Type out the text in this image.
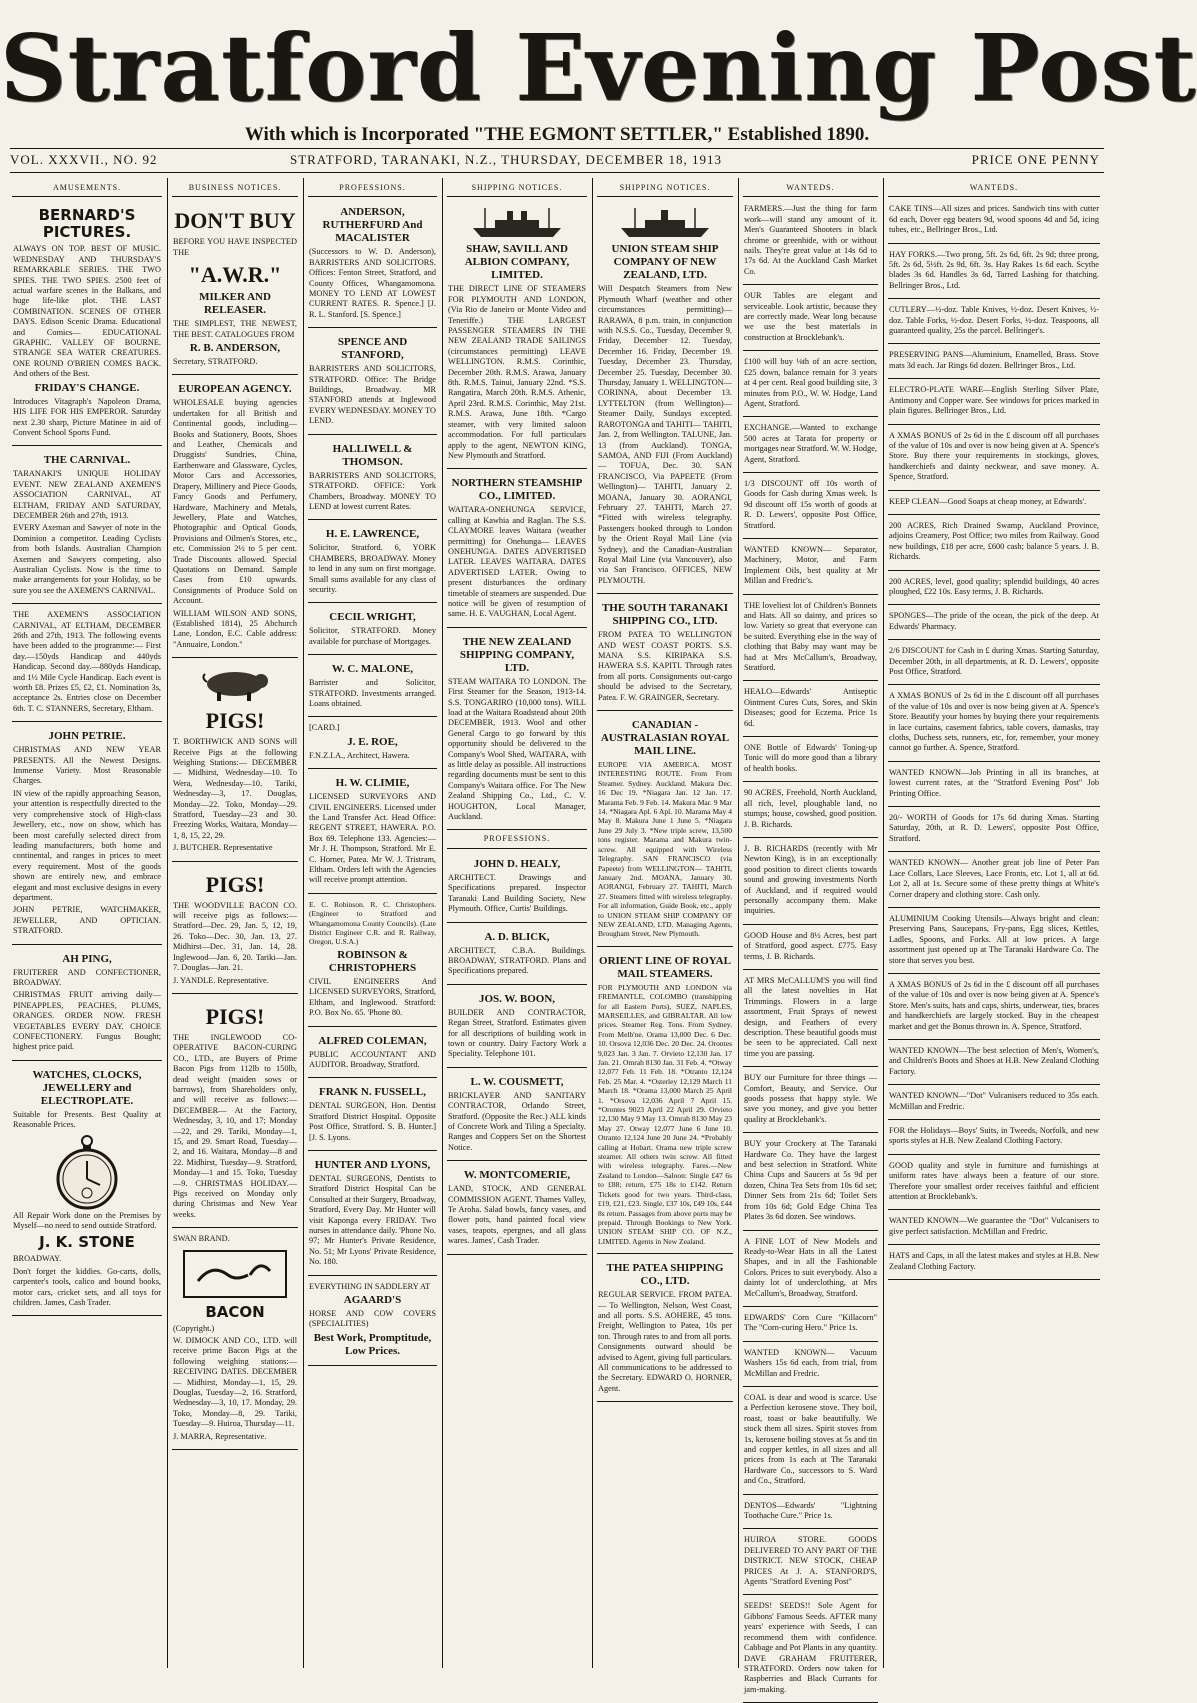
Stratford Evening Post
With which is Incorporated "THE EGMONT SETTLER," Established 1890.
VOL. XXXVII., NO. 92	STRATFORD, TARANAKI, N.Z., THURSDAY, DECEMBER 18, 1913	PRICE ONE PENNY
AMUSEMENTS.
BERNARD'S PICTURES.

ALWAYS ON TOP. BEST OF MUSIC. WEDNESDAY AND THURSDAY'S REMARKABLE SERIES. THE TWO SPIES. THE TWO SPIES. 2500 feet of actual warfare scenes in the Balkans, and huge life-like plot. THE LAST COMBINATION. SCENES OF OTHER DAYS. Edison Scenic Drama. Educational and Comics— EDUCATIONAL GRAPHIC. VALLEY OF BOURNE. STRANGE SEA WATER CREATURES. ONE ROUND O'BRIEN COMES BACK. And others of the Best.

FRIDAY'S CHANGE.

Introduces Vitagraph's Napoleon Drama, HIS LIFE FOR HIS EMPEROR. Saturday next 2.30 sharp, Picture Matinee in aid of Convent School Sports Fund.

THE CARNIVAL.

TARANAKI'S UNIQUE HOLIDAY EVENT. NEW ZEALAND AXEMEN'S ASSOCIATION CARNIVAL, AT ELTHAM, FRIDAY AND SATURDAY, DECEMBER 26th and 27th, 1913.

EVERY Axeman and Sawyer of note in the Dominion a competitor. Leading Cyclists from both Islands. Australian Champion Axemen and Sawyers competing, also Australian Cyclists. Now is the time to make arrangements for your Holiday, so be sure you see the AXEMEN'S CARNIVAL.

THE AXEMEN'S ASSOCIATION CARNIVAL, AT ELTHAM, DECEMBER 26th and 27th, 1913. The following events have been added to the programme:— First day.—150yds Handicap and 440yds Handicap. Second day.—880yds Handicap, and 1½ Mile Cycle Handicap. Each event is worth £8. Prizes £5, £2, £1. Nomination 3s, acceptance 2s. Entries close on December 6th. T. C. STANNERS, Secretary, Eltham.

JOHN PETRIE.

CHRISTMAS AND NEW YEAR PRESENTS. All the Newest Designs. Immense Variety. Most Reasonable Charges.

IN view of the rapidly approaching Season, your attention is respectfully directed to the very comprehensive stock of High-class Jewellery, etc., now on show, which has been most carefully selected direct from leading manufacturers, both home and continental, and ranges in prices to meet every requirement. Most of the goods shown are entirely new, and embrace elegant and most exclusive designs in every department.

JOHN PETRIE, WATCHMAKER, JEWELLER, AND OPTICIAN. STRATFORD.

AH PING,

FRUITERER AND CONFECTIONER, BROADWAY.

CHRISTMAS FRUIT arriving daily— PINEAPPLES, PEACHES, PLUMS, ORANGES. ORDER NOW. FRESH VEGETABLES EVERY DAY. CHOICE CONFECTIONERY. Fungus Bought; highest price paid.

WATCHES, CLOCKS, JEWELLERY and ELECTROPLATE.

Suitable for Presents. Best Quality at Reasonable Prices.

All Repair Work done on the Premises by Myself—no need to send outside Stratford.

J. K. STONE

BROADWAY.

Don't forget the kiddies. Go-carts, dolls, carpenter's tools, calico and bound books, motor cars, cricket sets, and all toys for children. James, Cash Trader.

BUSINESS NOTICES.
DON'T BUY

BEFORE YOU HAVE INSPECTED THE

"A.W.R."
MILKER AND RELEASER.

THE SIMPLEST, THE NEWEST, THE BEST. CATALOGUES FROM

R. B. ANDERSON,

Secretary, STRATFORD.

EUROPEAN AGENCY.

WHOLESALE buying agencies undertaken for all British and Continental goods, including— Books and Stationery, Boots, Shoes and Leather, Chemicals and Druggists' Sundries, China, Earthenware and Glassware, Cycles, Motor Cars and Accessories, Drapery, Millinery and Piece Goods, Fancy Goods and Perfumery, Hardware, Machinery and Metals, Jewellery, Plate and Watches, Photographic and Optical Goods, Provisions and Oilmen's Stores, etc., etc. Commission 2½ to 5 per cent. Trade Discounts allowed. Special Quotations on Demand. Sample Cases from £10 upwards. Consignments of Produce Sold on Account.

WILLIAM WILSON AND SONS, (Established 1814), 25 Abchurch Lane, London, E.C. Cable address: "Annuaire, London."

PIGS!

T. BORTHWICK AND SONS will Receive Pigs at the following Weighing Stations:— DECEMBER— Midhirst, Wednesday—10. To Wera, Wednesday—10. Tariki, Wednesday—3, 17. Douglas, Monday—22. Toko, Monday—29. Stratford, Tuesday—23 and 30. Freezing Works, Waitara, Monday—1, 8, 15, 22, 29.

J. BUTCHER. Representative

PIGS!

THE WOODVILLE BACON CO. will receive pigs as follows:— Stratford—Dec. 29, Jan. 5, 12, 19, 26. Toko—Dec. 30, Jan. 13, 27. Midhirst—Dec. 31, Jan. 14, 28. Inglewood—Jan. 6, 20. Tariki—Jan. 7. Douglas—Jan. 21.

J. YANDLE. Representative.

PIGS!

THE INGLEWOOD CO-OPERATIVE BACON-CURING CO., LTD., are Buyers of Prime Bacon Pigs from 112lb to 150lb, dead weight (maiden sows or barrows), from Shareholders only, and will receive as follows:— DECEMBER— At the Factory, Wednesday, 3, 10, and 17; Monday—22, and 29. Tariki, Monday—1, 15, and 29. Smart Road, Tuesday—2, and 16. Waitara, Monday—8 and 22. Midhirst, Tuesday—9. Stratford, Monday—1 and 15. Toko, Tuesday—9. CHRISTMAS HOLIDAY.—Pigs received on Monday only during Christmas and New Year weeks.

SWAN BRAND.

BACON

(Copyright.)

W. DIMOCK AND CO., LTD. will receive prime Bacon Pigs at the following weighing stations:— RECEIVING DATES. DECEMBER— Midhirst, Monday—1, 15, 29. Douglas, Tuesday—2, 16. Stratford, Wednesday—3, 10, 17. Monday, 29. Toko, Monday—8, 29. Tariki, Tuesday—9. Huiroa, Thursday—11.

J. MARRA, Representative.

PROFESSIONS.
ANDERSON, RUTHERFURD And MACALISTER

(Successors to W. D. Anderson), BARRISTERS AND SOLICITORS. Offices: Fenton Street, Stratford, and County Offices, Whangamomona. MONEY TO LEND AT LOWEST CURRENT RATES. R. Spence.] [J. R. L. Stanford. [S. Spence.]

SPENCE AND STANFORD,

BARRISTERS AND SOLICITORS, STRATFORD. Office: The Bridge Buildings, Broadway. MR STANFORD attends at Inglewood EVERY WEDNESDAY. MONEY TO LEND.

HALLIWELL & THOMSON.

BARRISTERS AND SOLICITORS, STRATFORD. OFFICE: York Chambers, Broadway. MONEY TO LEND at lowest current Rates.

H. E. LAWRENCE,

Solicitor, Stratford. 6, YORK CHAMBERS, BROADWAY. Money to lend in any sum on first mortgage. Small sums available for any class of security.

CECIL WRIGHT,

Solicitor, STRATFORD. Money available for purchase of Mortgages.

W. C. MALONE,

Barrister and Solicitor, STRATFORD. Investments arranged. Loans obtained.

[CARD.]

J. E. ROE,

F.N.Z.I.A., Architect, Hawera.

H. W. CLIMIE,

LICENSED SURVEYORS AND CIVIL ENGINEERS. Licensed under the Land Transfer Act. Head Office: REGENT STREET, HAWERA. P.O. Box 69. Telephone 133. Agencies:— Mr J. H. Thompson, Stratford. Mr E. C. Horner, Patea. Mr W. J. Tristram, Eltham. Orders left with the Agencies will receive prompt attention.

E. C. Robinson. R. C. Christophers. (Engineer to Stratford and Whangamomona County Councils). (Late District Engineer C.R. and R. Railway, Oregon, U.S.A.)

ROBINSON & CHRISTOPHERS

CIVIL ENGINEERS And LICENSED SURVEYORS, Stratford, Eltham, and Inglewood. Stratford: P.O. Box No. 65. 'Phone 80.

ALFRED COLEMAN,

PUBLIC ACCOUNTANT AND AUDITOR. Broadway, Stratford.

FRANK N. FUSSELL,

DENTAL SURGEON, Hon. Dentist Stratford District Hospital. Opposite Post Office, Stratford. S. B. Hunter.] [J. S. Lyons.

HUNTER AND LYONS,

DENTAL SURGEONS, Dentists to Stratford District Hospital Can be Consulted at their Surgery, Broadway, Stratford, Every Day. Mr Hunter will visit Kaponga every FRIDAY. Two nurses in attendance daily. 'Phone No. 97; Mr Hunter's Private Residence, No. 51; Mr Lyons' Private Residence, No. 180.

EVERYTHING IN SADDLERY AT

AGAARD'S

HORSE AND COW COVERS (SPECIALITIES)

Best Work, Promptitude, Low Prices.
SHIPPING NOTICES.
SHAW, SAVILL AND ALBION COMPANY, LIMITED.

THE DIRECT LINE OF STEAMERS FOR PLYMOUTH AND LONDON, (Via Rio de Janeiro or Monte Video and Teneriffe.) THE LARGEST PASSENGER STEAMERS IN THE NEW ZEALAND TRADE SAILINGS (circumstances permitting) LEAVE WELLINGTON. R.M.S. Corinthic, December 20th. R.M.S. Arawa, January 8th. R.M.S. Tainui, January 22nd. *S.S. Rangatira, March 20th. R.M.S. Athenic, April 23rd. R.M.S. Corinthic, May 21st. R.M.S. Arawa, June 18th. *Cargo steamer, with very limited saloon accommodation. For full particulars apply to the agent, NEWTON KING, New Plymouth and Stratford.

NORTHERN STEAMSHIP CO., LIMITED.

WAITARA-ONEHUNGA SERVICE, calling at Kawhia and Raglan. The S.S. CLAYMORE leaves Waitara (weather permitting) for Onehunga— LEAVES ONEHUNGA. DATES ADVERTISED LATER. LEAVES WAITARA. DATES ADVERTISED LATER. Owing to present disturbances the ordinary timetable of steamers are suspended. Due notice will be given of resumption of same. H. E. VAUGHAN, Local Agent.

THE NEW ZEALAND SHIPPING COMPANY, LTD.

STEAM WAITARA TO LONDON. The First Steamer for the Season, 1913-14. S.S. TONGARIRO (10,000 tons). WILL load at the Waitara Roadstead about 20th DECEMBER, 1913. Wool and other General Cargo to go forward by this opportunity should be delivered to the Company's Wool Shed, WAITARA, with as little delay as possible. All instructions regarding documents must be sent to this Company's Waitara office. For The New Zealand Shipping Co., Ltd., C. V. HOUGHTON, Local Manager, Auckland.

PROFESSIONS.
JOHN D. HEALY,

ARCHITECT. Drawings and Specifications prepared. Inspector Taranaki Land Building Society, New Plymouth. Office, Curtis' Buildings.

A. D. BLICK,

ARCHITECT, C.B.A. Buildings. BROADWAY, STRATFORD. Plans and Specifications prepared.

JOS. W. BOON,

BUILDER AND CONTRACTOR, Regan Street, Stratford. Estimates given for all descriptions of building work in town or country. Dairy Factory Work a Speciality. Telephone 101.

L. W. COUSMETT,

BRICKLAYER AND SANITARY CONTRACTOR, Orlando Street, Stratford. (Opposite the Rec.) ALL kinds of Concrete Work and Tiling a Specialty. Ranges and Coppers Set on the Shortest Notice.

W. MONTCOMERIE,

LAND, STOCK, AND GENERAL COMMISSION AGENT. Thames Valley, Te Aroha. Salad bowls, fancy vases, and flower pots, hand painted focal view vases, teapots, epergnes, and all glass wares. James', Cash Trader.

SHIPPING NOTICES.
UNION STEAM SHIP COMPANY OF NEW ZEALAND, LTD.

Will Despatch Steamers from New Plymouth Wharf (weather and other circumstances permitting)— RARAWA, 8 p.m. train, in conjunction with N.S.S. Co., Tuesday, December 9. Friday, December 12. Tuesday, December 16. Friday, December 19. Tuesday, December 23. Thursday, December 25. Tuesday, December 30. Thursday, January 1. WELLINGTON— CORINNA, about December 13. LYTTELTON (from Wellington)—Steamer Daily, Sundays excepted. RAROTONGA and TAHITI— TAHITI, Jan. 2, from Wellington. TALUNE, Jan. 13 (from Auckland). TONGA, SAMOA, AND FIJI (From Auckland)— TOFUA, Dec. 30. SAN FRANCISCO, Via PAPEETE (From Wellington)— TAHITI, January 2. MOANA, January 30. AORANGI, February 27. TAHITI, March 27. *Fitted with wireless telegraphy. Passengers booked through to London by the Orient Royal Mail Line (via Sydney), and the Canadian-Australian Royal Mail Line (via Vancouver), also via San Francisco. OFFICES, NEW PLYMOUTH.

THE SOUTH TARANAKI SHIPPING CO., LTD.

FROM PATEA TO WELLINGTON AND WEST COAST PORTS. S.S. MANA S.S. KIRIPAKA S.S. HAWERA S.S. KAPITI. Through rates from all ports. Consignments out-cargo should be advised to the Secretary, Patea. F. W. GRAINGER, Secretary.

CANADIAN - AUSTRALASIAN ROYAL MAIL LINE.

EUROPE VIA AMERICA. MOST INTERESTING ROUTE. From From Steamer. Sydney. Auckland. Makura Dec. 16 Dec 19. *Niagara Jan. 12 Jan. 17. Marama Feb. 9 Feb. 14. Makura Mar. 9 Mar 14. *Niagara Apl. 6 Apl. 10. Marama May 4 May 8. Makura June 1 June 5. *Niagara June 29 July 3. *New triple screw, 13,500 tons register. Marama and Makura twin-screw. All equipped with Wireless Telegraphy. SAN FRANCISCO (via Papeete) from WELLINGTON— TAHITI, January 2nd. MOANA, January 30. AORANGI, February 27. TAHITI, March 27. Steamers fitted with wireless telegraphy. For all information, Guide Book, etc., apply to UNION STEAM SHIP COMPANY OF NEW ZEALAND, LTD. Managing Agents, Brougham Street, New Plymouth.

ORIENT LINE OF ROYAL MAIL STEAMERS.

FOR PLYMOUTH AND LONDON via FREMANTLE, COLOMBO (transhipping for all Eastern Ports), SUEZ, NAPLES, MARSEILLES, and GIBRALTAR. All low prices. Steamer Reg. Tons. From Sydney. From Melb'ne. Orama 13,000 Dec. 6 Dec. 10. Orsova 12,036 Dec. 20 Dec. 24. Orontes 9,023 Jan. 3 Jan. 7. Orvieto 12,130 Jan. 17 Jan. 21. Omrah 8130 Jan. 31 Feb. 4. *Otway 12,077 Feb. 11 Feb. 18. *Otranto 12,124 Feb. 25 Mar. 4. *Osterley 12,129 March 11 March 18. *Orama 13,000 March 25 April 1. *Orsova 12,036 April 7 April 15. *Orontes 9023 April 22 April 29. Orvieto 12,130 May 9 May 13. Omrah 8130 May 23 May 27. Otway 12,077 June 6 June 10. Otranto 12,124 June 20 June 24. *Probably calling at Hobart. Orama new triple screw steamer. All others twin screw. All fitted with wireless telegraphy. Fares.—New Zealand to London—Saloon: Single £47 6s to £88; return, £75 18s to £142. Return Tickets good for two years. Third-class, £19, £21, £23. Single, £37 10s, £49 10s, £44 8s return. Passages from above ports may be prepaid. Through Bookings to New York. UNION STEAM SHIP CO. OF N.Z., LIMITED. Agents in New Zealand.

THE PATEA SHIPPING CO., LTD.

REGULAR SERVICE. FROM PATEA.— To Wellington, Nelson, West Coast, and all ports. S.S. AOHERE, 45 tons. Freight, Wellington to Patea, 10s per ton. Through rates to and from all ports. Consignments outward should be advised to Agent, giving full particulars. All communications to be addressed to the Secretary. EDWARD O. HORNER, Agent.

WANTEDS.

FARMERS.—Just the thing for farm work—will stand any amount of it. Men's Guaranteed Shooters in black chrome or greenhide, with or without nails. They're great value at 14s 6d to 17s 6d. At the Auckland Cash Market Co.

OUR Tables are elegant and serviceable. Look artistic, because they are correctly made. Wear long because we use the best materials in construction at Brocklebank's.

£100 will buy ⅛th of an acre section, £25 down, balance remain for 3 years at 4 per cent. Real good building site, 3 minutes from P.O., W. W. Hodge, Land Agent, Stratford.

EXCHANGE.—Wanted to exchange 500 acres at Tarata for property or mortgages near Stratford. W. W. Hodge, Agent, Stratford.

1/3 DISCOUNT off 10s worth of Goods for Cash during Xmas week. Is 9d discount off 15s worth of goods at R. D. Lewers', opposite Post Office, Stratford.

WANTED KNOWN— Separator, Machinery, Motor, and Farm Implement Oils, best quality at Mr Millan and Fredric's.

THE loveliest lot of Children's Bonnets and Hats. All so dainty, and prices so low. Variety so great that everyone can be suited. Everything else in the way of clothing that Baby may want may be had at Mrs McCallum's, Broadway, Stratford.

HEALO—Edwards' Antiseptic Ointment Cures Cuts, Sores, and Skin Diseases; good for Eczema. Price 1s 6d.

ONE Bottle of Edwards' Toning-up Tonic will do more good than a library of health books.

90 ACRES, Freehold, North Auckland, all rich, level, ploughable land, no stumps; house, cowshed, good position. J. B. Richards.

J. B. RICHARDS (recently with Mr Newton King), is in an exceptionally good position to direct clients towards sound and growing investments North of Auckland, and if required would personally accompany them. Make inquiries.

GOOD House and 8½ Acres, best part of Stratford, good aspect. £775. Easy terms, J. B. Richards.

AT MRS McCALLUM'S you will find all the latest novelties in Hat Trimmings. Flowers in a large assortment, Fruit Sprays of newest design, and Feathers of every description. These beautiful goods must be seen to be appreciated. Call next time you are passing.

BUY our Furniture for three things —Comfort, Beauty, and Service. Our goods possess that happy style. We save you money, and give you better quality at Brocklebank's.

BUY your Crockery at The Taranaki Hardware Co. They have the largest and best selection in Stratford. White China Cups and Saucers at 5s 9d per dozen, China Tea Sets from 10s 6d set; Dinner Sets from 21s 6d; Toilet Sets from 10s 6d; Gold Edge China Tea Plates 3s 6d dozen. See windows.

A FINE LOT of New Models and Ready-to-Wear Hats in all the Latest Shapes, and in all the Fashionable Colors. Prices to suit everybody. Also a dainty lot of underclothing, at Mrs McCallum's, Broadway, Stratford.

EDWARDS' Corn Cure "Killacorn" The "Corn-curing Hero." Price 1s.

WANTED KNOWN— Vacuum Washers 15s 6d each, from trial, from McMillan and Fredric.

COAL is dear and wood is scarce. Use a Perfection kerosene stove. They boil, roast, toast or bake beautifully. We stock them all sizes. Spirit stoves from 1s, kerosene boiling stoves at 5s and tin and copper kettles, in all sizes and all prices from 1s each at The Taranaki Hardware Co., successors to S. Ward and Co., Stratford.

DENTOS—Edwards' "Lightning Toothache Cure." Price 1s.

HUIROA STORE. GOODS DELIVERED TO ANY PART OF THE DISTRICT. NEW STOCK, CHEAP PRICES At J. A. STANFORD'S, Agents "Stratford Evening Post"

SEEDS! SEEDS!! Sole Agent for Gibbons' Famous Seeds. AFTER many years' experience with Seeds, I can recommend them with confidence. Cabbage and Pot Plants in any quantity. DAVE GRAHAM FRUITERER, STRATFORD. Orders now taken for Raspberries and Black Currants for jam-making.

WANTEDS.

CAKE TINS—All sizes and prices. Sandwich tins with cutter 6d each, Dover egg beaters 9d, wood spoons 4d and 5d, icing tubes, etc., Bellringer Bros., Ltd.

HAY FORKS.—Two prong, 5ft. 2s 6d, 6ft. 2s 9d; three prong, 5ft. 2s 6d, 5½ft. 2s 9d, 6ft. 3s. Hay Rakes 1s 6d each. Scythe blades 3s 6d. Handles 3s 6d, Tarred Lashing for thatching. Bellringer Bros., Ltd.

CUTLERY—½-doz. Table Knives, ½-doz. Desert Knives, ½-doz. Table Forks, ½-doz. Desert Forks, ½-doz. Teaspoons, all guaranteed quality, 25s the parcel. Bellringer's.

PRESERVING PANS—Aluminium, Enamelled, Brass. Stove mats 3d each. Jar Rings 6d dozen. Bellringer Bros., Ltd.

ELECTRO-PLATE WARE—English Sterling Silver Plate, Antimony and Copper ware. See windows for prices marked in plain figures. Bellringer Bros., Ltd.

A XMAS BONUS of 2s 6d in the £ discount off all purchases of the value of 10s and over is now being given at A. Spence's Store. Buy there your requirements in stockings, gloves, handkerchiefs and dainty neckwear, and save money. A. Spence, Stratford.

KEEP CLEAN—Good Soaps at cheap money, at Edwards'.

200 ACRES, Rich Drained Swamp, Auckland Province, adjoins Creamery, Post Office; two miles from Railway. Good new buildings, £18 per acre, £600 cash; balance 5 years. J. B. Richards.

200 ACRES, level, good quality; splendid buildings, 40 acres ploughed, £22 10s. Easy terms, J. B. Richards.

SPONGES—The pride of the ocean, the pick of the deep. At Edwards' Pharmacy.

2/6 DISCOUNT for Cash in £ during Xmas. Starting Saturday, December 20th, in all departments, at R. D. Lewers', opposite Post Office, Stratford.

A XMAS BONUS of 2s 6d in the £ discount off all purchases of the value of 10s and over is now being given at A. Spence's Store. Beautify your homes by buying there your requirements in lace curtains, casement fabrics, table covers, damasks, tray cloths, Duchess sets, runners, etc, for, remember, your money cannot go further. A. Spence, Stratford.

WANTED KNOWN—Job Printing in all its branches, at lowest current rates, at the "Stratford Evening Post" Job Printing Office.

20/- WORTH of Goods for 17s 6d during Xmas. Starting Saturday, 20th, at R. D. Lewers', opposite Post Office, Stratford.

WANTED KNOWN— Another great job line of Peter Pan Lace Collars, Lace Sleeves, Lace Fronts, etc. Lot 1, all at 6d. Lot 2, all at 1s. Secure some of these pretty things at White's Corner drapery and clothing store. Cash only.

ALUMINIUM Cooking Utensils—Always bright and clean: Preserving Pans, Saucepans, Fry-pans, Egg slices, Kettles, Ladles, Spoons, and Forks. All at low prices. A large assortment just opened up at The Taranaki Hardware Co. The store that serves you best.

A XMAS BONUS of 2s 6d in the £ discount off all purchases of the value of 10s and over is now being given at A. Spence's Store. Men's suits, hats and caps, shirts, underwear, ties, braces and handkerchiefs are largely stocked. Buy in the cheapest market and get the Bonus thrown in. A. Spence, Stratford.

WANTED KNOWN—The best selection of Men's, Women's, and Children's Boots and Shoes at H.B. New Zealand Clothing Factory.

WANTED KNOWN—"Dot" Vulcanisers reduced to 35s each. McMillan and Fredric.

FOR the Holidays—Boys' Suits, in Tweeds, Norfolk, and new sports styles at H.B. New Zealand Clothing Factory.

GOOD quality and style in furniture and furnishings at uniform rates have always been a feature of our store. Therefore your smallest order receives faithful and efficient attention at Brocklebank's.

WANTED KNOWN—We guarantee the "Dot" Vulcanisers to give perfect satisfaction. McMillan and Fredric.

HATS and Caps, in all the latest makes and styles at H.B. New Zealand Clothing Factory.
